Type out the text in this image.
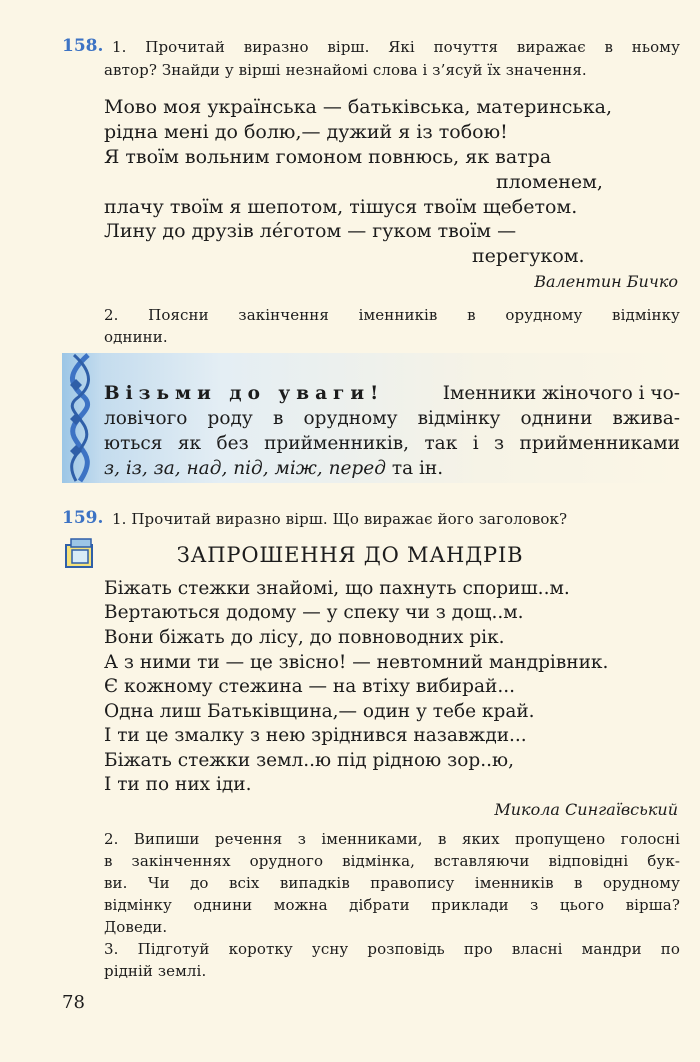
158. 1. Прочитай виразно вірш. Які почуття виражає в ньому
автор? Знайди у вірші незнайомі слова і з’ясуй їх значення.
Мово моя українська — батьківська, материнська,
рідна мені до болю,— дужий я із тобою!
Я твоїм вольним гомоном повнюсь, як ватра
пломенем,
плачу твоїм я шепотом, тішуся твоїм щебетом.
Лину до друзів ле́готом — гуком твоїм —
перегуком.
Валентин Бичко
2. Поясни закінчення іменників в орудному відмінку
однини.
Візьми до уваги!	Іменники жіночого і чо-
ловічого роду в орудному відмінку однини вжива-
ються як без прийменників, так і з прийменниками
з, із, за, над, під, між, перед та ін.
159. 1. Прочитай виразно вірш. Що виражає його заголовок?
ЗАПРОШЕННЯ ДО МАНДРІВ
Біжать стежки знайомі, що пахнуть спориш..м.
Вертаються додому — у спеку чи з дощ..м.
Вони біжать до лісу, до повноводних рік.
А з ними ти — це звісно! — невтомний мандрівник.
Є кожному стежина — на втіху вибирай...
Одна лиш Батьківщина,— один у тебе край.
І ти це змалку з нею зріднився назавжди...
Біжать стежки земл..ю під рідною зор..ю,
І ти по них іди.
Микола Сингаївський
2. Випиши речення з іменниками, в яких пропущено голосні
в закінченнях орудного відмінка, вставляючи відповідні бук-
ви. Чи до всіх випадків правопису іменників в орудному
відмінку однини можна дібрати приклади з цього вірша?
Доведи.
3. Підготуй коротку усну розповідь про власні мандри по
рідній землі.
78
